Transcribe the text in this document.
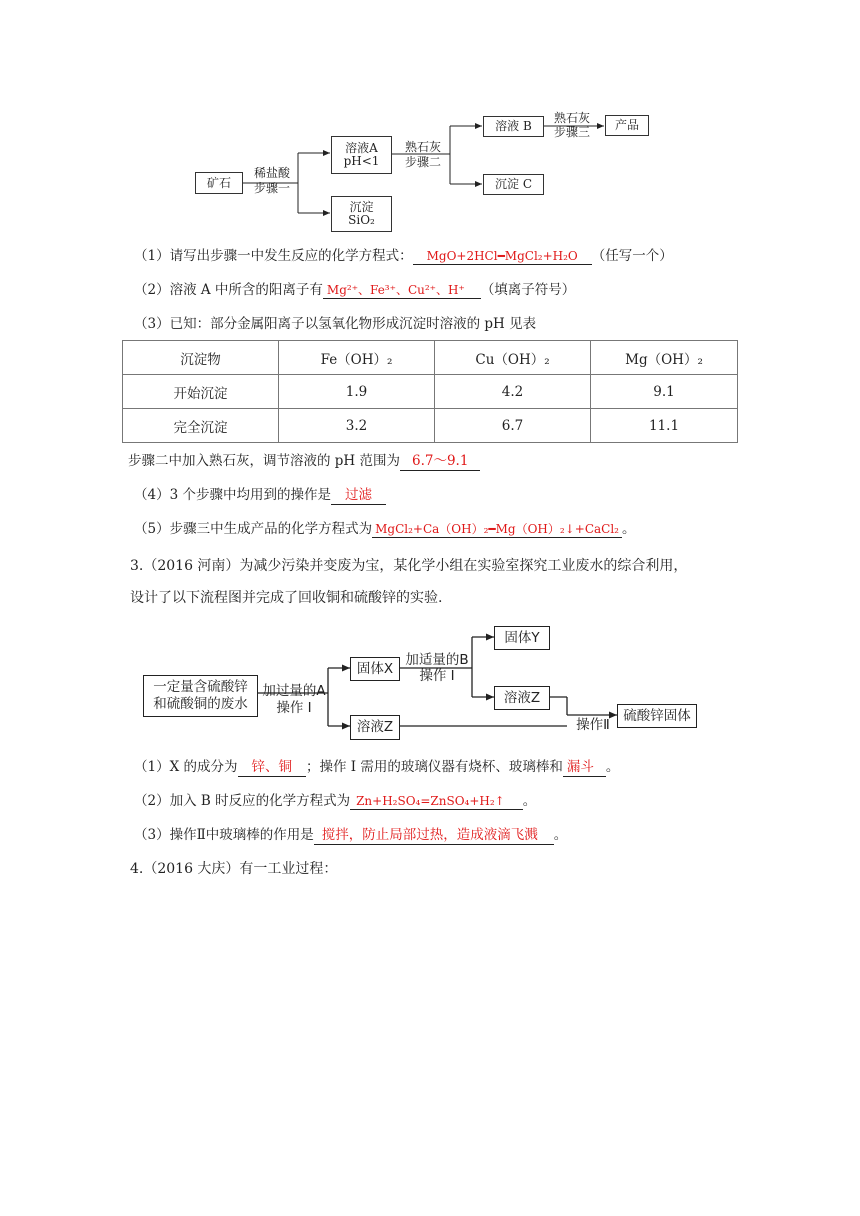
矿石
稀盐酸
步骤一
溶液A
pH<1
沉淀
SiO₂
熟石灰
步骤二
溶液 B
熟石灰
步骤三	产品
沉淀 C
（1）请写出步骤一中发生反应的化学方程式： MgO+2HCl━MgCl₂+H₂O （任写一个）
（2）溶液 A 中所含的阳离子有 Mg²⁺、Fe³⁺、Cu²⁺、H⁺ （填离子符号）
（3）已知：部分金属阳离子以氢氧化物形成沉淀时溶液的 pH 见表
沉淀物	Fe（OH）₂	Cu（OH）₂	Mg（OH）₂
开始沉淀	1.9	4.2	9.1
完全沉淀	3.2	6.7	11.1
步骤二中加入熟石灰，调节溶液的 pH 范围为 6.7～9.1
（4）3 个步骤中均用到的操作是 过滤
（5）步骤三中生成产品的化学方程式为 MgCl₂+Ca（OH）₂━Mg（OH）₂↓+CaCl₂ 。
3.（2016 河南）为减少污染并变废为宝，某化学小组在实验室探究工业废水的综合利用，
设计了以下流程图并完成了回收铜和硫酸锌的实验.
一定量含硫酸锌
和硫酸铜的废水
加过量的A
操作 I
固体X
加适量的B
操作 I
固体Y
溶液Z
溶液Z	操作Ⅱ
硫酸锌固体
（1）X 的成分为 锌、铜 ；操作 I 需用的玻璃仪器有烧杯、玻璃棒和 漏斗 。
（2）加入 B 时反应的化学方程式为 Zn+H₂SO₄=ZnSO₄+H₂↑ 。
（3）操作Ⅱ中玻璃棒的作用是 搅拌，防止局部过热，造成液滴飞溅 。
4.（2016 大庆）有一工业过程：
